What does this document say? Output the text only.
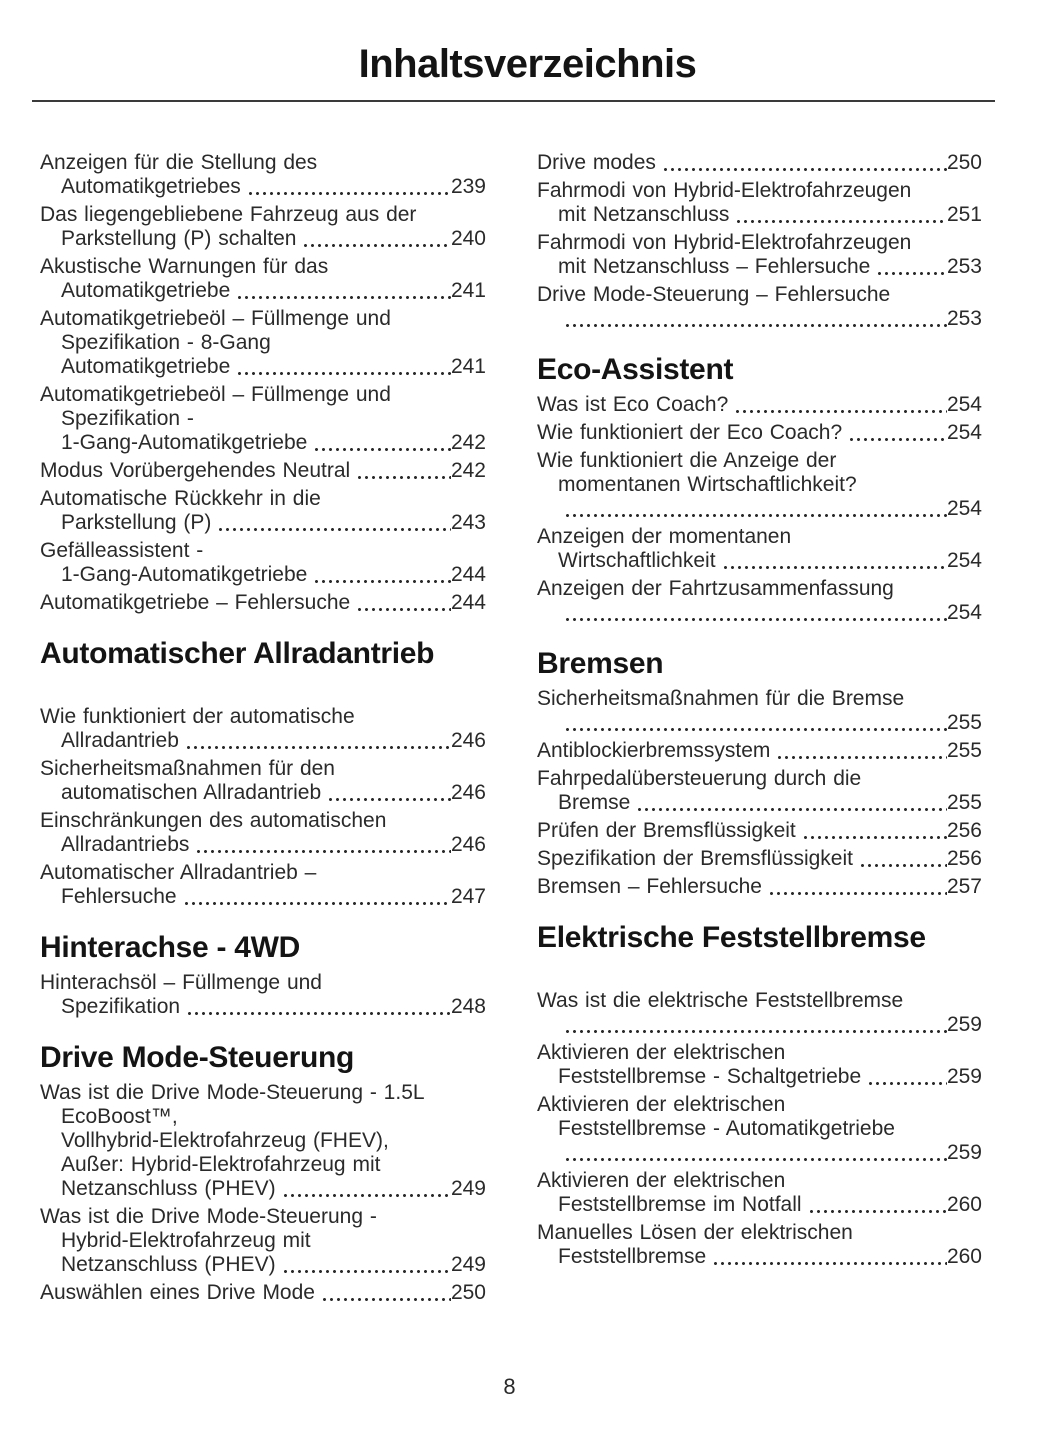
Inhaltsverzeichnis
Anzeigen für die Stellung des
Automatikgetriebes	239
Das liegengebliebene Fahrzeug aus der
Parkstellung (P) schalten	240
Akustische Warnungen für das
Automatikgetriebe	241
Automatikgetriebeöl – Füllmenge und
Spezifikation - 8-Gang
Automatikgetriebe	241
Automatikgetriebeöl – Füllmenge und
Spezifikation -
1-Gang-Automatikgetriebe	242
Modus Vorübergehendes Neutral	242
Automatische Rückkehr in die
Parkstellung (P)	243
Gefälleassistent -
1-Gang-Automatikgetriebe	244
Automatikgetriebe – Fehlersuche	244
Automatischer Allradantrieb
Wie funktioniert der automatische
Allradantrieb	246
Sicherheitsmaßnahmen für den
automatischen Allradantrieb	246
Einschränkungen des automatischen
Allradantriebs	246
Automatischer Allradantrieb –
Fehlersuche	247
Hinterachse - 4WD
Hinterachsöl – Füllmenge und
Spezifikation	248
Drive Mode-Steuerung
Was ist die Drive Mode-Steuerung - 1.5L
EcoBoost™,
Vollhybrid-Elektrofahrzeug (FHEV),
Außer: Hybrid-Elektrofahrzeug mit
Netzanschluss (PHEV)	249
Was ist die Drive Mode-Steuerung -
Hybrid-Elektrofahrzeug mit
Netzanschluss (PHEV)	249
Auswählen eines Drive Mode	250
Drive modes	250
Fahrmodi von Hybrid-Elektrofahrzeugen
mit Netzanschluss	251
Fahrmodi von Hybrid-Elektrofahrzeugen
mit Netzanschluss – Fehlersuche	253
Drive Mode-Steuerung – Fehlersuche
253
Eco-Assistent
Was ist Eco Coach?	254
Wie funktioniert der Eco Coach?	254
Wie funktioniert die Anzeige der
momentanen Wirtschaftlichkeit?
254
Anzeigen der momentanen
Wirtschaftlichkeit	254
Anzeigen der Fahrtzusammenfassung
254
Bremsen
Sicherheitsmaßnahmen für die Bremse
255
Antiblockierbremssystem	255
Fahrpedalübersteuerung durch die
Bremse	255
Prüfen der Bremsflüssigkeit	256
Spezifikation der Bremsflüssigkeit	256
Bremsen – Fehlersuche	257
Elektrische Feststellbremse
Was ist die elektrische Feststellbremse
259
Aktivieren der elektrischen
Feststellbremse - Schaltgetriebe	259
Aktivieren der elektrischen
Feststellbremse - Automatikgetriebe
259
Aktivieren der elektrischen
Feststellbremse im Notfall	260
Manuelles Lösen der elektrischen
Feststellbremse	260
8
